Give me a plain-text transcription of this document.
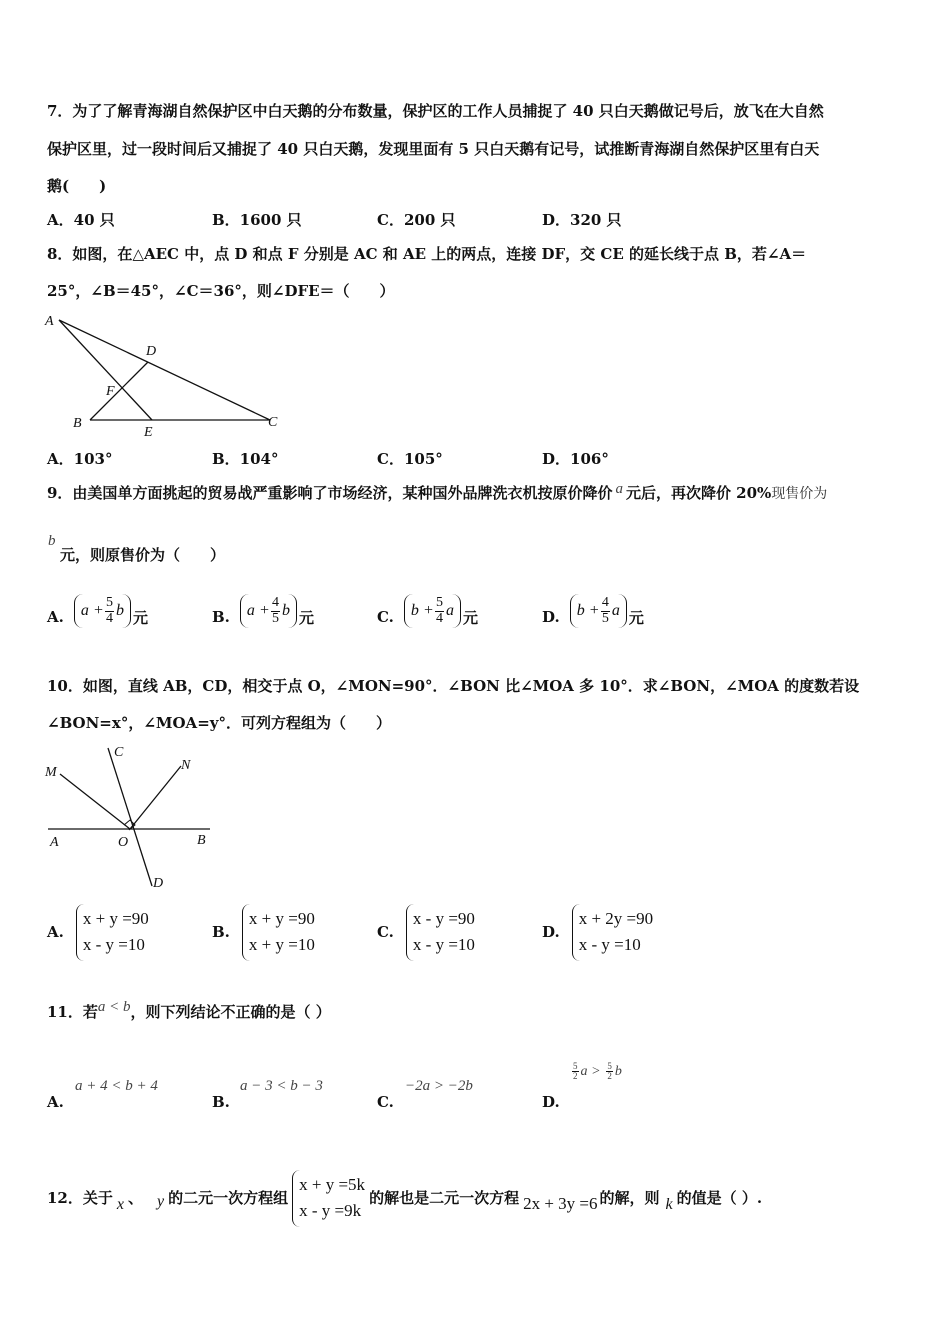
7．为了了解青海湖自然保护区中白天鹅的分布数量，保护区的工作人员捕捉了 40 只白天鹅做记号后，放飞在大自然
保护区里，过一段时间后又捕捉了 40 只白天鹅，发现里面有 5 只白天鹅有记号，试推断青海湖自然保护区里有白天
鹅(　　)
A．40 只	B．1600 只	C．200 只	D．320 只
8．如图，在△AEC 中，点 D 和点 F 分别是 AC 和 AE 上的两点，连接 DF，交 CE 的延长线于点 B，若∠A＝
25°，∠B＝45°，∠C＝36°，则∠DFE＝（　　）
A
D
F
B
E
C
A．103°	B．104°	C．105°	D．106°
9．由美国单方面挑起的贸易战严重影响了市场经济，某种国外品牌洗衣机按原价降价 a 元后，再次降价 20%现售价为
b
元，则原售价为（　　）
A. a
+ $\frac{5}{4}$ b 元	B. a
+ $\frac{4}{5}$ b 元	C. b
+ $\frac{5}{4}$ a 元	D. b
+ $\frac{4}{5}$ a 元
10．如图，直线 AB，CD，相交于点 O，∠MON=90°．∠BON 比∠MOA 多 10°．求∠BON，∠MOA 的度数若设
∠BON=x°，∠MOA=y°．可列方程组为（　　）
M
C
N
A	O	B
D
A.
x + y =90
x - y =10
B.
x + y =90
x + y =10
C.
x - y =90
x - y =10
D.
x + 2y =90
x - y =10
11．若a < b，则下列结论不正确的是（ ）
A.
a + 4 < b + 4
B.
a − 3 < b − 3
C.
−2a > −2b
D.
$\frac{5}{2}$ a
>
$\frac{5}{2}$ b
12．关于 x 、 y 的二元一次方程组
x + y =5k
x - y =9k
的解也是二元一次方程 2x + 3y =6 的解，则 k 的值是（ ）.
